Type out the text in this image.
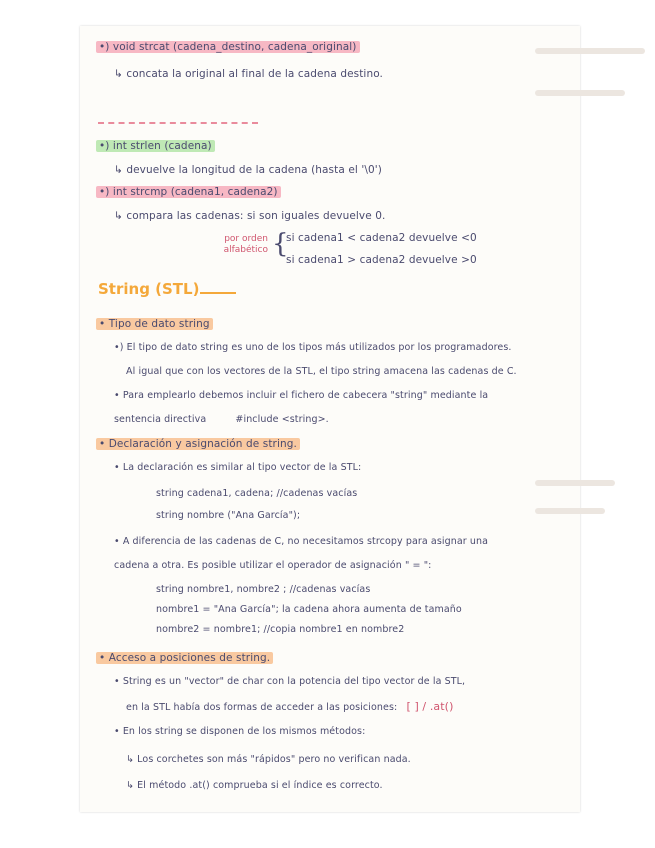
•) void strcat (cadena_destino, cadena_original)
↳ concata la original al final de la cadena destino.
•) int strlen (cadena)
↳ devuelve la longitud de la cadena (hasta el '\0')
•) int strcmp (cadena1, cadena2)
↳ compara las cadenas: si son iguales devuelve 0.
por orden alfabético {
si cadena1 < cadena2 devuelve <0
si cadena1 > cadena2 devuelve >0
String (STL)
• Tipo de dato string
•) El tipo de dato string es uno de los tipos más utilizados por los programadores.
Al igual que con los vectores de la STL, el tipo string amacena las cadenas de C.
• Para emplearlo debemos incluir el fichero de cabecera "string" mediante la
sentencia directiva	#include <string>.
• Declaración y asignación de string.
• La declaración es similar al tipo vector de la STL:
string cadena1, cadena; //cadenas vacías
string nombre ("Ana García");
• A diferencia de las cadenas de C, no necesitamos strcopy para asignar una
cadena a otra. Es posible utilizar el operador de asignación " = ":
string nombre1, nombre2 ; //cadenas vacías
nombre1 = "Ana García"; la cadena ahora aumenta de tamaño
nombre2 = nombre1; //copia nombre1 en nombre2
• Acceso a posiciones de string.
• String es un "vector" de char con la potencia del tipo vector de la STL,
en la STL había dos formas de acceder a las posiciones: [ ] / .at()
• En los string se disponen de los mismos métodos:
↳ Los corchetes son más "rápidos" pero no verifican nada.
↳ El método .at() comprueba si el índice es correcto.
